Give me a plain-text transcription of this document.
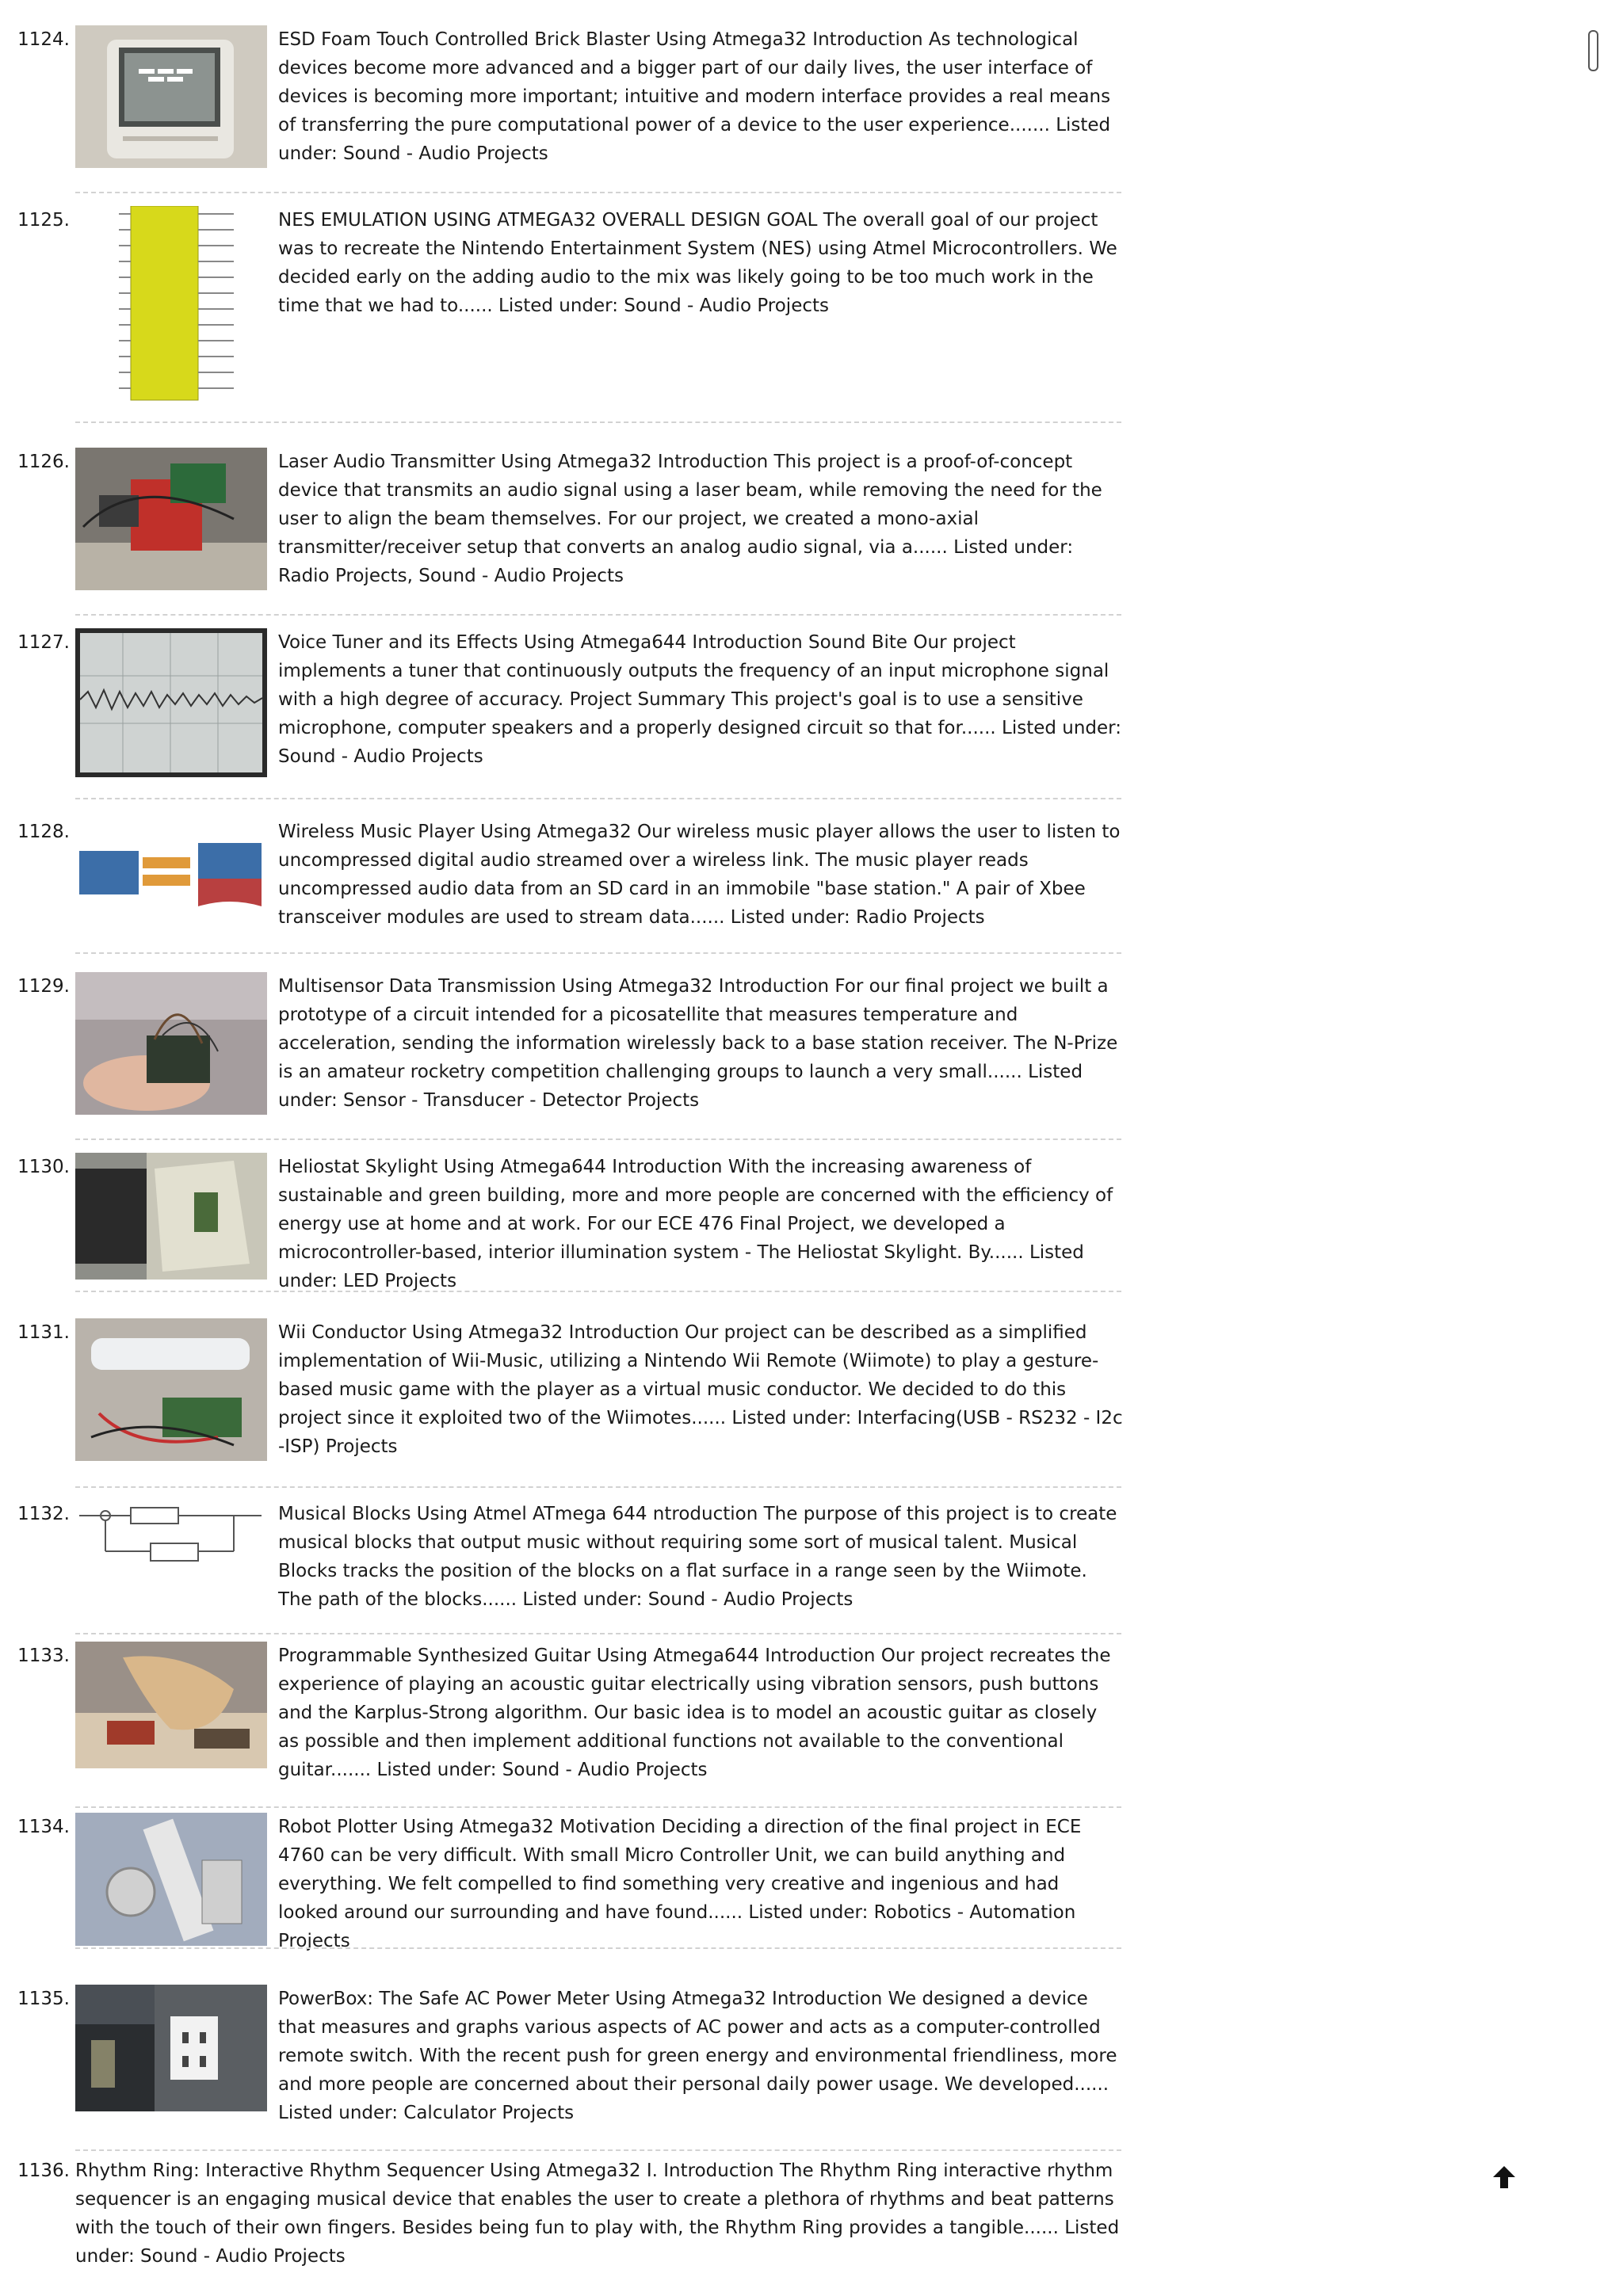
1124.	ESD Foam Touch Controlled Brick Blaster Using Atmega32 Introduction As technological devices become more advanced and a bigger part of our daily lives, the user interface of devices is becoming more important; intuitive and modern interface provides a real means of transferring the pure computational power of a device to the user experience....... Listed under: Sound - Audio Projects
1125.	NES EMULATION USING ATMEGA32 OVERALL DESIGN GOAL The overall goal of our project was to recreate the Nintendo Entertainment System (NES) using Atmel Microcontrollers. We decided early on the adding audio to the mix was likely going to be too much work in the time that we had to...... Listed under: Sound - Audio Projects
1126.	Laser Audio Transmitter Using Atmega32 Introduction This project is a proof-of-concept device that transmits an audio signal using a laser beam, while removing the need for the user to align the beam themselves. For our project, we created a mono-axial transmitter/receiver setup that converts an analog audio signal, via a...... Listed under: Radio Projects, Sound - Audio Projects
1127.	Voice Tuner and its Effects Using Atmega644 Introduction Sound Bite Our project implements a tuner that continuously outputs the frequency of an input microphone signal with a high degree of accuracy. Project Summary This project's goal is to use a sensitive microphone, computer speakers and a properly designed circuit so that for...... Listed under: Sound - Audio Projects
1128.	Wireless Music Player Using Atmega32 Our wireless music player allows the user to listen to uncompressed digital audio streamed over a wireless link. The music player reads uncompressed audio data from an SD card in an immobile "base station." A pair of Xbee transceiver modules are used to stream data...... Listed under: Radio Projects
1129.	Multisensor Data Transmission Using Atmega32 Introduction For our final project we built a prototype of a circuit intended for a picosatellite that measures temperature and acceleration, sending the information wirelessly back to a base station receiver. The N-Prize is an amateur rocketry competition challenging groups to launch a very small...... Listed under: Sensor - Transducer - Detector Projects
1130.	Heliostat Skylight Using Atmega644 Introduction With the increasing awareness of sustainable and green building, more and more people are concerned with the efficiency of energy use at home and at work. For our ECE 476 Final Project, we developed a microcontroller-based, interior illumination system - The Heliostat Skylight. By...... Listed under: LED Projects
1131.	Wii Conductor Using Atmega32 Introduction Our project can be described as a simplified implementation of Wii-Music, utilizing a Nintendo Wii Remote (Wiimote) to play a gesture-based music game with the player as a virtual music conductor. We decided to do this project since it exploited two of the Wiimotes...... Listed under: Interfacing(USB - RS232 - I2c -ISP) Projects
1132.	Musical Blocks Using Atmel ATmega 644 ntroduction The purpose of this project is to create musical blocks that output music without requiring some sort of musical talent. Musical Blocks tracks the position of the blocks on a flat surface in a range seen by the Wiimote. The path of the blocks...... Listed under: Sound - Audio Projects
1133.	Programmable Synthesized Guitar Using Atmega644 Introduction Our project recreates the experience of playing an acoustic guitar electrically using vibration sensors, push buttons and the Karplus-Strong algorithm. Our basic idea is to model an acoustic guitar as closely as possible and then implement additional functions not available to the conventional guitar....... Listed under: Sound - Audio Projects
1134.	Robot Plotter Using Atmega32 Motivation Deciding a direction of the final project in ECE 4760 can be very difficult. With small Micro Controller Unit, we can build anything and everything. We felt compelled to find something very creative and ingenious and had looked around our surrounding and have found...... Listed under: Robotics - Automation Projects
1135.	PowerBox: The Safe AC Power Meter Using Atmega32 Introduction We designed a device that measures and graphs various aspects of AC power and acts as a computer-controlled remote switch. With the recent push for green energy and environmental friendliness, more and more people are concerned about their personal daily power usage. We developed...... Listed under: Calculator Projects
1136. Rhythm Ring: Interactive Rhythm Sequencer Using Atmega32 I. Introduction The Rhythm Ring interactive rhythm sequencer is an engaging musical device that enables the user to create a plethora of rhythms and beat patterns with the touch of their own fingers. Besides being fun to play with, the Rhythm Ring provides a tangible...... Listed under: Sound - Audio Projects
